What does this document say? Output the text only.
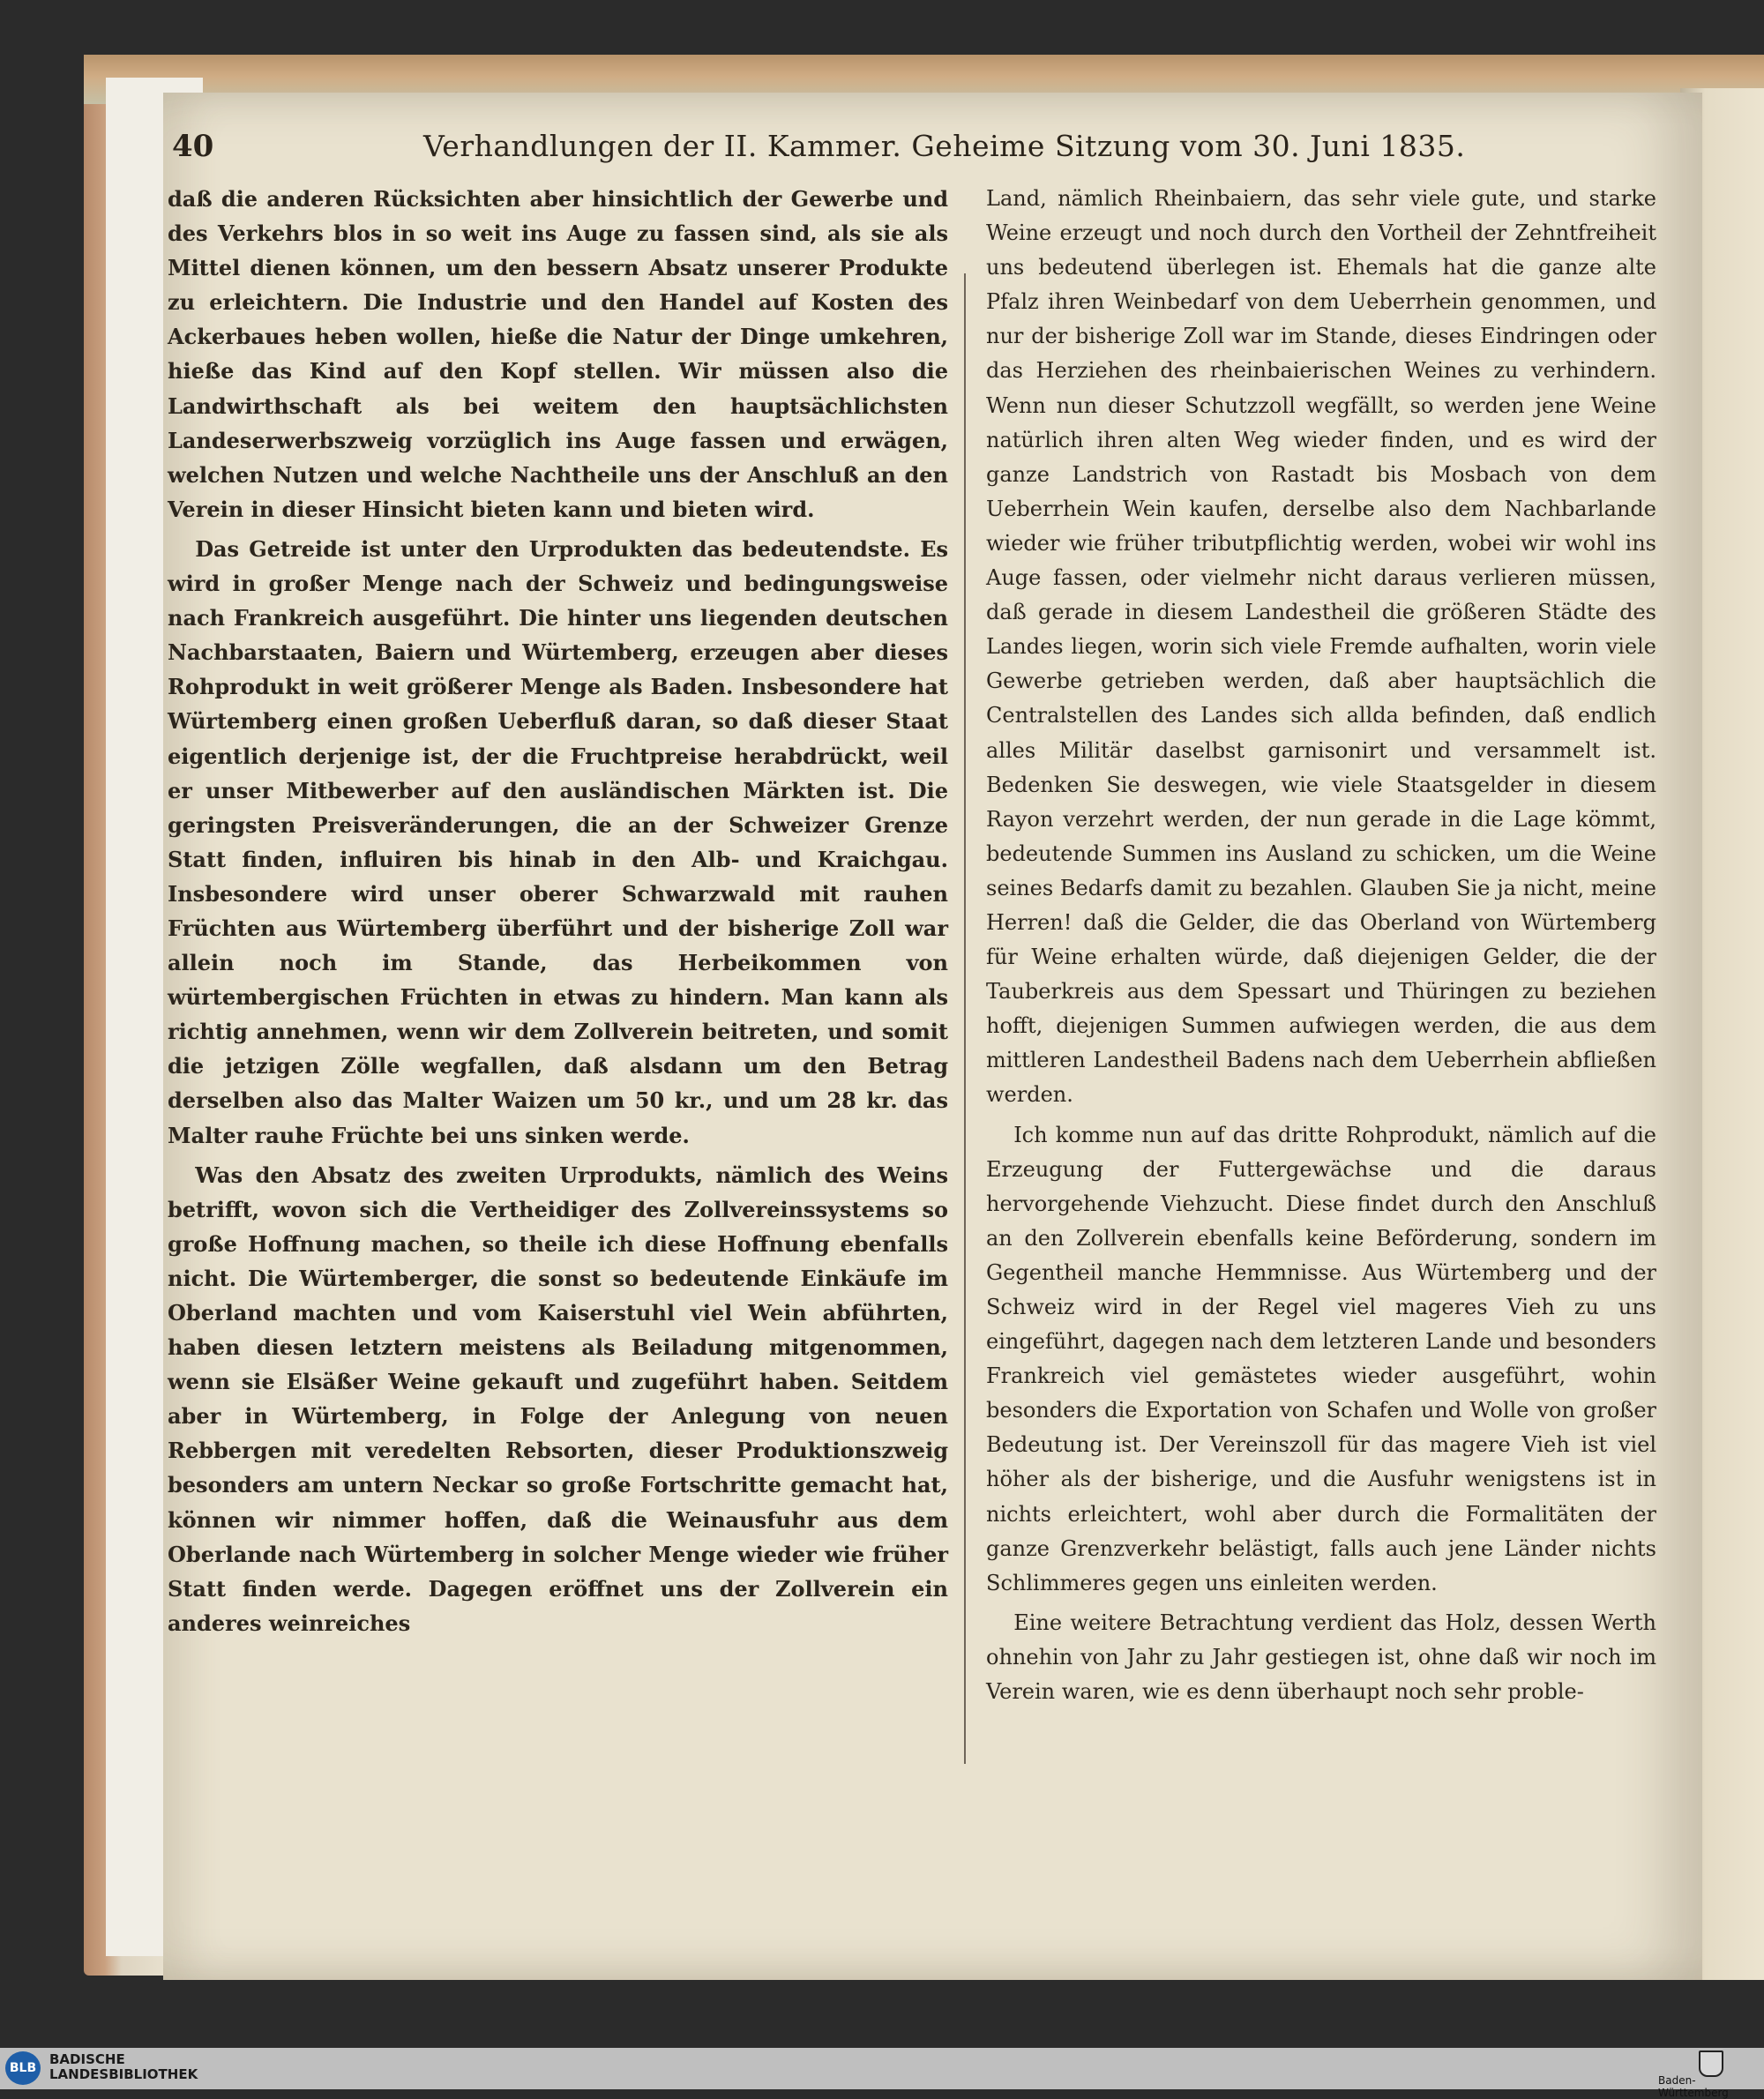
40	Verhandlungen der II. Kammer. Geheime Sitzung vom 30. Juni 1835.

daß die anderen Rücksichten aber hinsichtlich der Gewerbe und des Verkehrs blos in so weit ins Auge zu fassen sind, als sie als Mittel dienen können, um den bessern Absatz unserer Produkte zu erleichtern. Die Industrie und den Handel auf Kosten des Ackerbaues heben wollen, hieße die Natur der Dinge umkehren, hieße das Kind auf den Kopf stellen. Wir müssen also die Landwirthschaft als bei weitem den hauptsächlichsten Landeserwerbszweig vorzüglich ins Auge fassen und erwägen, welchen Nutzen und welche Nachtheile uns der Anschluß an den Verein in dieser Hinsicht bieten kann und bieten wird.

Das Getreide ist unter den Urprodukten das bedeutendste. Es wird in großer Menge nach der Schweiz und bedingungsweise nach Frankreich ausgeführt. Die hinter uns liegenden deutschen Nachbarstaaten, Baiern und Würtemberg, erzeugen aber dieses Rohprodukt in weit größerer Menge als Baden. Insbesondere hat Würtemberg einen großen Ueberfluß daran, so daß dieser Staat eigentlich derjenige ist, der die Fruchtpreise herabdrückt, weil er unser Mitbewerber auf den ausländischen Märkten ist. Die geringsten Preisveränderungen, die an der Schweizer Grenze Statt finden, influiren bis hinab in den Alb- und Kraichgau. Insbesondere wird unser oberer Schwarzwald mit rauhen Früchten aus Würtemberg überführt und der bisherige Zoll war allein noch im Stande, das Herbeikommen von würtembergischen Früchten in etwas zu hindern. Man kann als richtig annehmen, wenn wir dem Zollverein beitreten, und somit die jetzigen Zölle wegfallen, daß alsdann um den Betrag derselben also das Malter Waizen um 50 kr., und um 28 kr. das Malter rauhe Früchte bei uns sinken werde.

Was den Absatz des zweiten Urprodukts, nämlich des Weins betrifft, wovon sich die Vertheidiger des Zollvereinssystems so große Hoffnung machen, so theile ich diese Hoffnung ebenfalls nicht. Die Würtemberger, die sonst so bedeutende Einkäufe im Oberland machten und vom Kaiserstuhl viel Wein abführten, haben diesen letztern meistens als Beiladung mitgenommen, wenn sie Elsäßer Weine gekauft und zugeführt haben. Seitdem aber in Würtemberg, in Folge der Anlegung von neuen Rebbergen mit veredelten Rebsorten, dieser Produktionszweig besonders am untern Neckar so große Fortschritte gemacht hat, können wir nimmer hoffen, daß die Weinausfuhr aus dem Oberlande nach Würtemberg in solcher Menge wieder wie früher Statt finden werde. Dagegen eröffnet uns der Zollverein ein anderes weinreiches

Land, nämlich Rheinbaiern, das sehr viele gute, und starke Weine erzeugt und noch durch den Vortheil der Zehntfreiheit uns bedeutend überlegen ist. Ehemals hat die ganze alte Pfalz ihren Weinbedarf von dem Ueberrhein genommen, und nur der bisherige Zoll war im Stande, dieses Eindringen oder das Herziehen des rheinbaierischen Weines zu verhindern. Wenn nun dieser Schutzzoll wegfällt, so werden jene Weine natürlich ihren alten Weg wieder finden, und es wird der ganze Landstrich von Rastadt bis Mosbach von dem Ueberrhein Wein kaufen, derselbe also dem Nachbarlande wieder wie früher tributpflichtig werden, wobei wir wohl ins Auge fassen, oder vielmehr nicht daraus verlieren müssen, daß gerade in diesem Landestheil die größeren Städte des Landes liegen, worin sich viele Fremde aufhalten, worin viele Gewerbe getrieben werden, daß aber hauptsächlich die Centralstellen des Landes sich allda befinden, daß endlich alles Militär daselbst garnisonirt und versammelt ist. Bedenken Sie deswegen, wie viele Staatsgelder in diesem Rayon verzehrt werden, der nun gerade in die Lage kömmt, bedeutende Summen ins Ausland zu schicken, um die Weine seines Bedarfs damit zu bezahlen. Glauben Sie ja nicht, meine Herren! daß die Gelder, die das Oberland von Würtemberg für Weine erhalten würde, daß diejenigen Gelder, die der Tauberkreis aus dem Spessart und Thüringen zu beziehen hofft, diejenigen Summen aufwiegen werden, die aus dem mittleren Landestheil Badens nach dem Ueberrhein abfließen werden.

Ich komme nun auf das dritte Rohprodukt, nämlich auf die Erzeugung der Futtergewächse und die daraus hervorgehende Viehzucht. Diese findet durch den Anschluß an den Zollverein ebenfalls keine Beförderung, sondern im Gegentheil manche Hemmnisse. Aus Würtemberg und der Schweiz wird in der Regel viel mageres Vieh zu uns eingeführt, dagegen nach dem letzteren Lande und besonders Frankreich viel gemästetes wieder ausgeführt, wohin besonders die Exportation von Schafen und Wolle von großer Bedeutung ist. Der Vereinszoll für das magere Vieh ist viel höher als der bisherige, und die Ausfuhr wenigstens ist in nichts erleichtert, wohl aber durch die Formalitäten der ganze Grenzverkehr belästigt, falls auch jene Länder nichts Schlimmeres gegen uns einleiten werden.

Eine weitere Betrachtung verdient das Holz, dessen Werth ohnehin von Jahr zu Jahr gestiegen ist, ohne daß wir noch im Verein waren, wie es denn überhaupt noch sehr proble-

BLB
BADISCHE
LANDESBIBLIOTHEK	Baden-Württemberg
